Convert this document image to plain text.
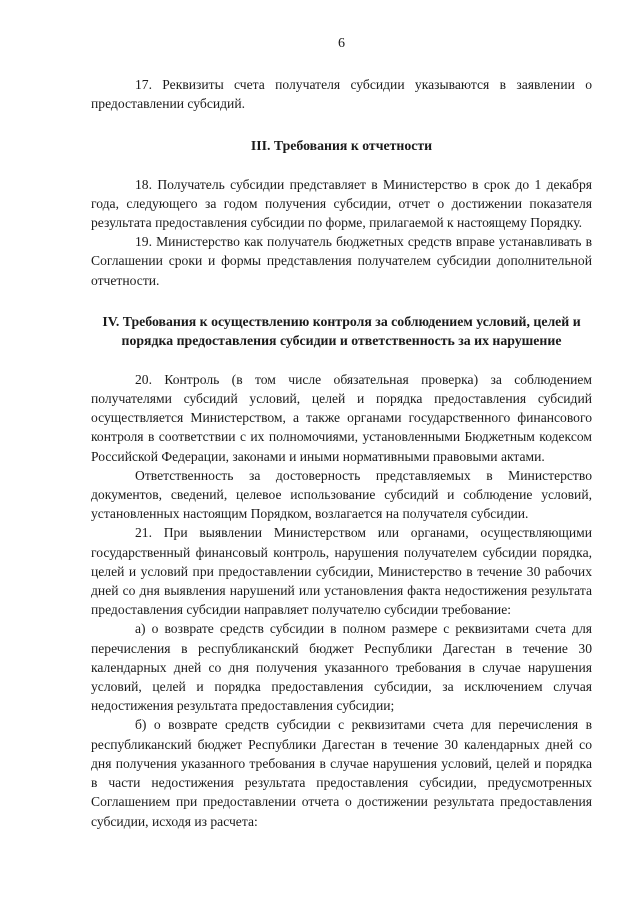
6

17. Реквизиты счета получателя субсидии указываются в заявлении о предоставлении субсидий.

III. Требования к отчетности

18. Получатель субсидии представляет в Министерство в срок до 1 декабря года, следующего за годом получения субсидии, отчет о достижении показателя результата предоставления субсидии по форме, прилагаемой к настоящему Порядку.

19. Министерство как получатель бюджетных средств вправе устанавливать в Соглашении сроки и формы представления получателем субсидии дополнительной отчетности.

IV. Требования к осуществлению контроля за соблюдением условий, целей и порядка предоставления субсидии и ответственность за их нарушение

20. Контроль (в том числе обязательная проверка) за соблюдением получателями субсидий условий, целей и порядка предоставления субсидий осуществляется Министерством, а также органами государственного финансового контроля в соответствии с их полномочиями, установленными Бюджетным кодексом Российской Федерации, законами и иными нормативными правовыми актами.

Ответственность за достоверность представляемых в Министерство документов, сведений, целевое использование субсидий и соблюдение условий, установленных настоящим Порядком, возлагается на получателя субсидии.

21. При выявлении Министерством или органами, осуществляющими государственный финансовый контроль, нарушения получателем субсидии порядка, целей и условий при предоставлении субсидии, Министерство в течение 30 рабочих дней со дня выявления нарушений или установления факта недостижения результата предоставления субсидии направляет получателю субсидии требование:

а) о возврате средств субсидии в полном размере с реквизитами счета для перечисления в республиканский бюджет Республики Дагестан в течение 30 календарных дней со дня получения указанного требования в случае нарушения условий, целей и порядка предоставления субсидии, за исключением случая недостижения результата предоставления субсидии;

б) о возврате средств субсидии с реквизитами счета для перечисления в республиканский бюджет Республики Дагестан в течение 30 календарных дней со дня получения указанного требования в случае нарушения условий, целей и порядка в части недостижения результата предоставления субсидии, предусмотренных Соглашением при предоставлении отчета о достижении результата предоставления субсидии, исходя из расчета:
